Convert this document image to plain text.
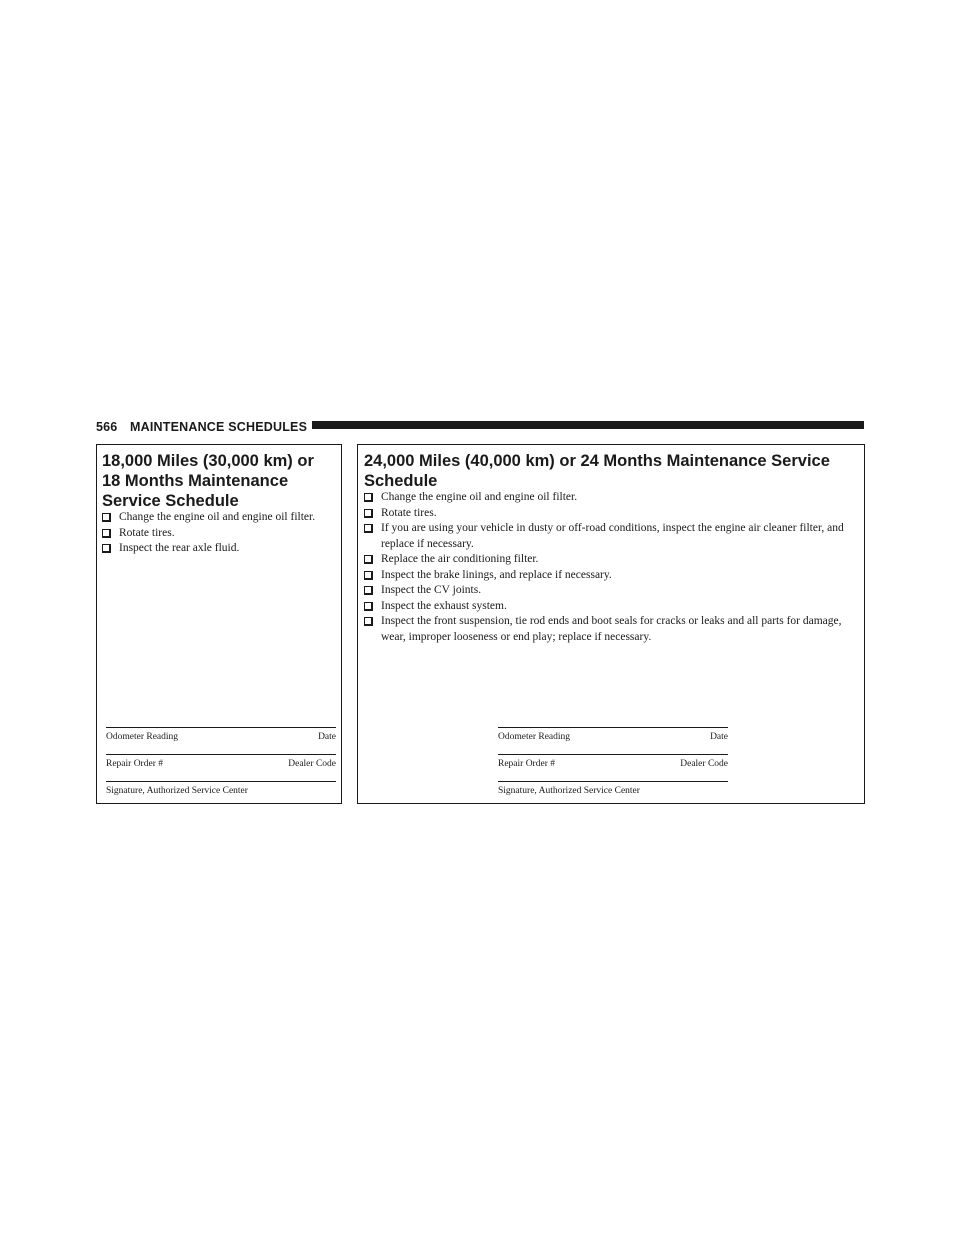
566 MAINTENANCE SCHEDULES
18,000 Miles (30,000 km) or 18 Months Maintenance Service Schedule
Change the engine oil and engine oil filter.
Rotate tires.
Inspect the rear axle fluid.
Odometer Reading	Date
Repair Order #	Dealer Code
Signature, Authorized Service Center
24,000 Miles (40,000 km) or 24 Months Maintenance Service Schedule
Change the engine oil and engine oil filter.
Rotate tires.
If you are using your vehicle in dusty or off-road conditions, inspect the engine air cleaner filter, and replace if necessary.
Replace the air conditioning filter.
Inspect the brake linings, and replace if necessary.
Inspect the CV joints.
Inspect the exhaust system.
Inspect the front suspension, tie rod ends and boot seals for cracks or leaks and all parts for damage, wear, improper looseness or end play; replace if necessary.
Odometer Reading	Date
Repair Order #	Dealer Code
Signature, Authorized Service Center
